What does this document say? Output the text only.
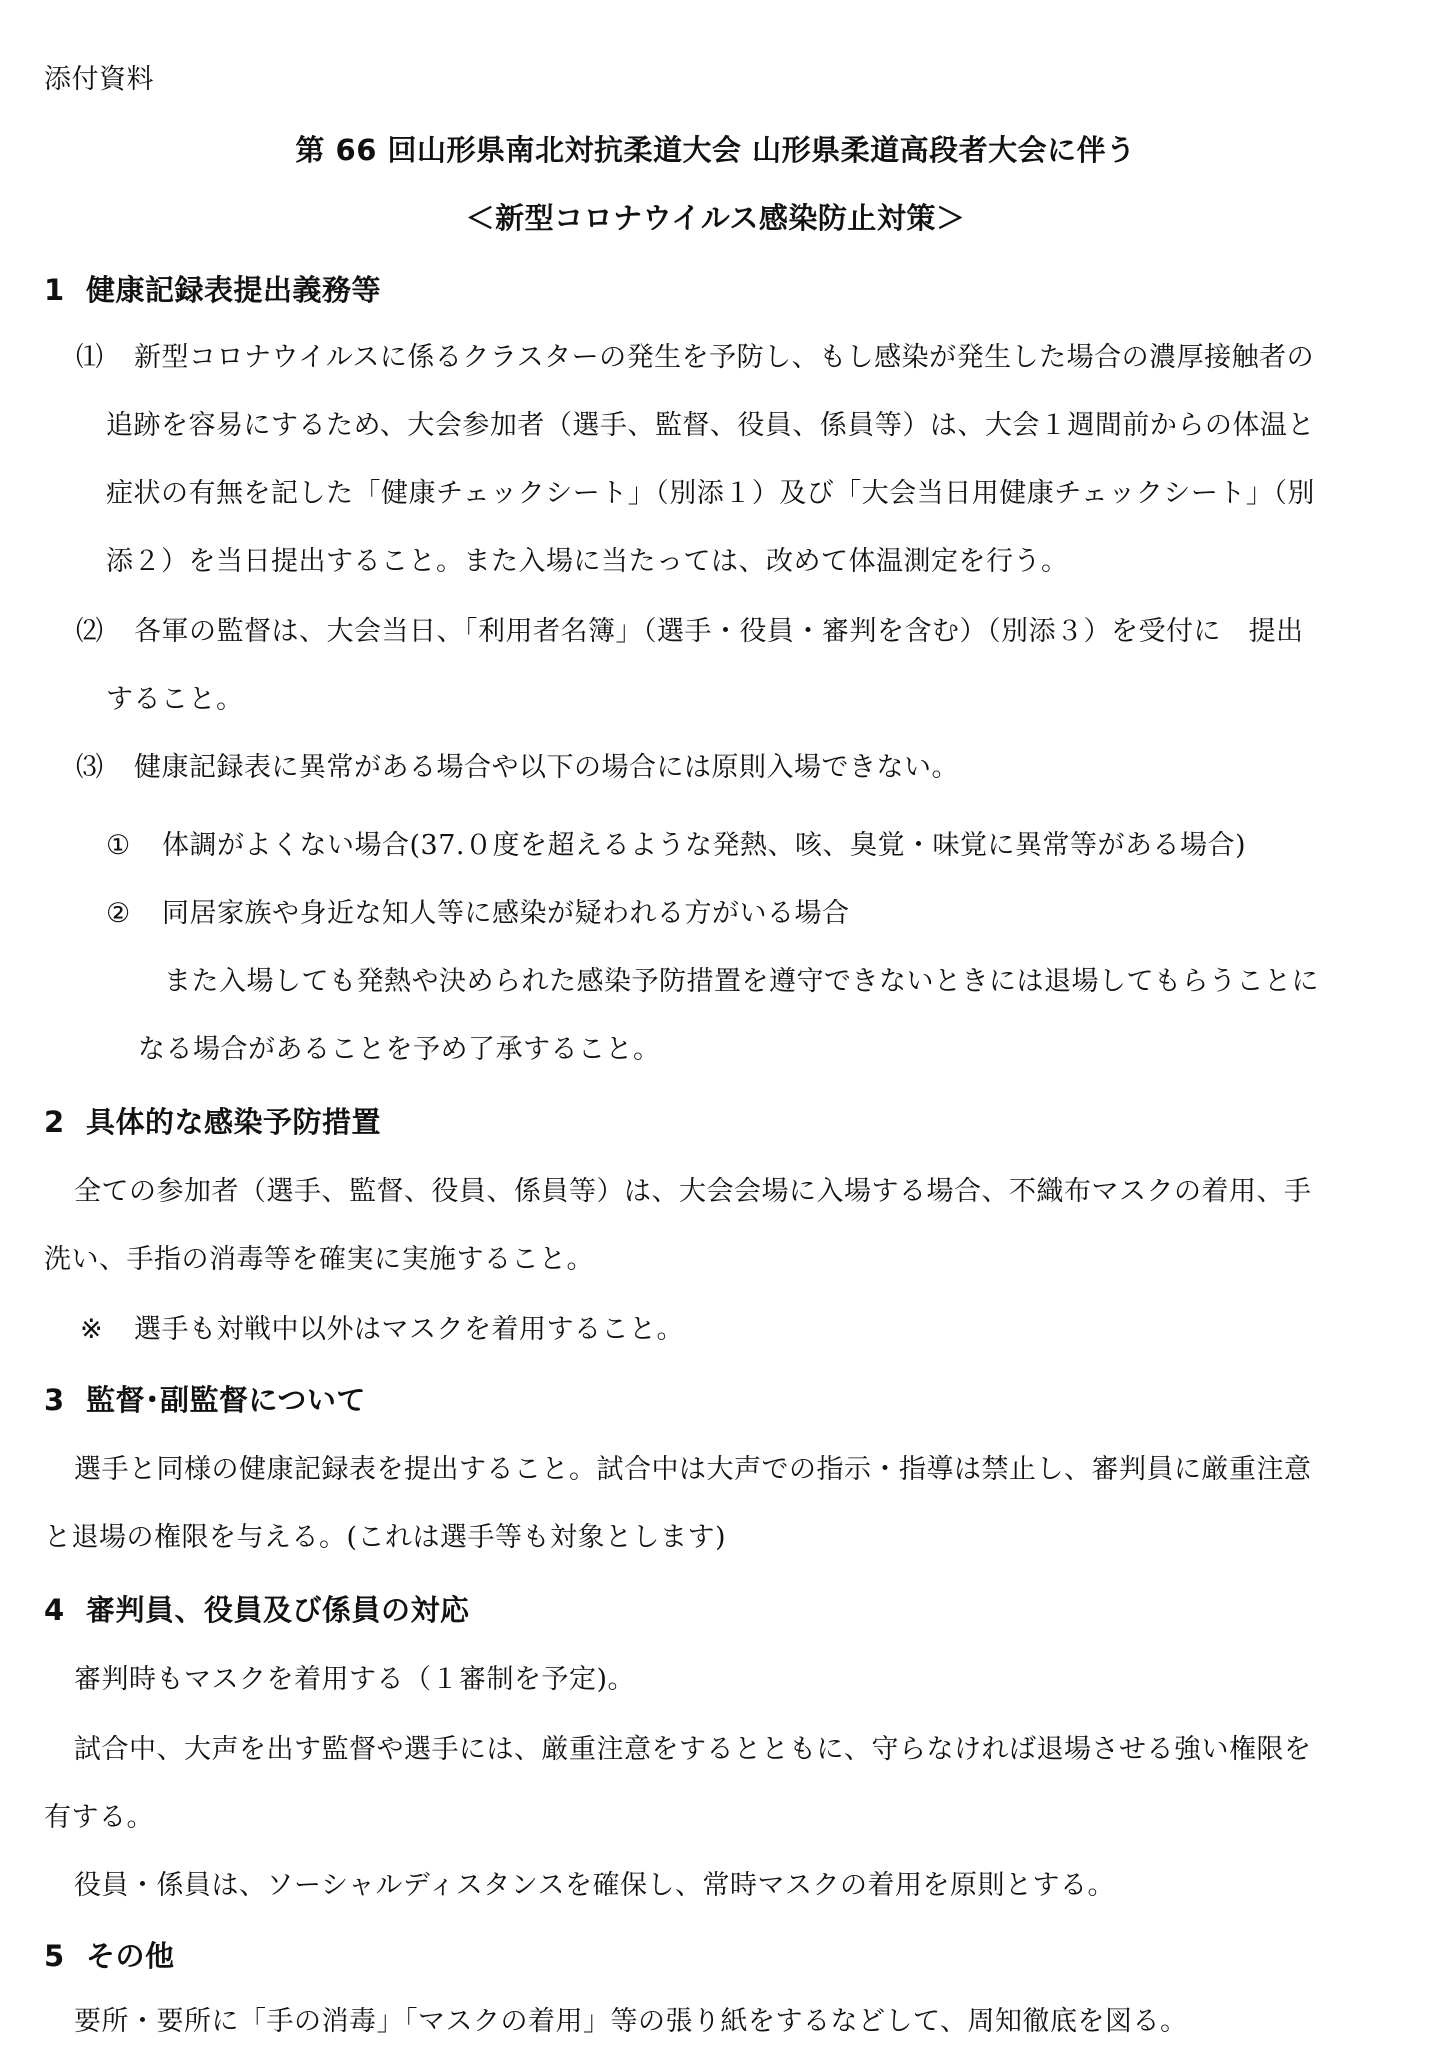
添付資料
第 66 回山形県南北対抗柔道大会 山形県柔道高段者大会に伴う
＜新型コロナウイルス感染防止対策＞
1 健康記録表提出義務等
⑴ 新型コロナウイルスに係るクラスターの発生を予防し、もし感染が発生した場合の濃厚接触者の
追跡を容易にするため、大会参加者（選手、監督、役員、係員等）は、大会１週間前からの体温と
症状の有無を記した「健康チェックシート」（別添１）及び「大会当日用健康チェックシート」（別
添２）を当日提出すること。また入場に当たっては、改めて体温測定を行う。
⑵ 各軍の監督は、大会当日、「利用者名簿」（選手・役員・審判を含む）（別添３）を受付に　提出
すること。
⑶ 健康記録表に異常がある場合や以下の場合には原則入場できない。
① 体調がよくない場合(37.０度を超えるような発熱、咳、臭覚・味覚に異常等がある場合)
② 同居家族や身近な知人等に感染が疑われる方がいる場合
また入場しても発熱や決められた感染予防措置を遵守できないときには退場してもらうことに
なる場合があることを予め了承すること。
2 具体的な感染予防措置
全ての参加者（選手、監督、役員、係員等）は、大会会場に入場する場合、不織布マスクの着用、手
洗い、手指の消毒等を確実に実施すること。
※ 選手も対戦中以外はマスクを着用すること。
3 監督･副監督について
選手と同様の健康記録表を提出すること。試合中は大声での指示・指導は禁止し、審判員に厳重注意
と退場の権限を与える。(これは選手等も対象とします)
4 審判員、役員及び係員の対応
審判時もマスクを着用する（１審制を予定)。
試合中、大声を出す監督や選手には、厳重注意をするとともに、守らなければ退場させる強い権限を
有する。
役員・係員は、ソーシャルディスタンスを確保し、常時マスクの着用を原則とする。
5 その他
要所・要所に「手の消毒」「マスクの着用」等の張り紙をするなどして、周知徹底を図る。
